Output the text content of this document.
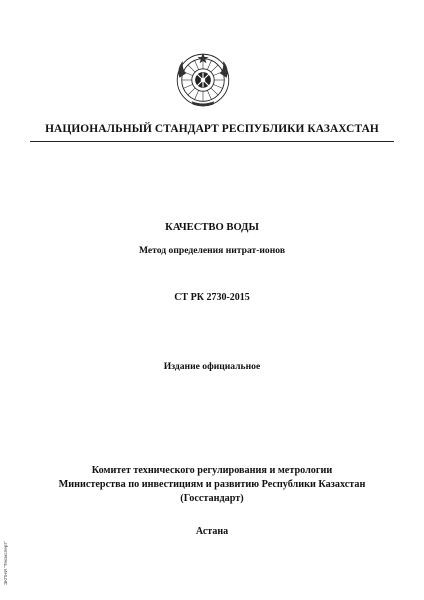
НАЦИОНАЛЬНЫЙ СТАНДАРТ РЕСПУБЛИКИ КАЗАХСТАН
КАЧЕСТВО ВОДЫ
Метод определения нитрат-ионов
СТ РК 2730-2015
Издание официальное
Комитет технического регулирования и метрологии
Министерства по инвестициям и развитию Республики Казахстан
(Госстандарт)
Астана
ЭКПНИ "Техэксперт"
